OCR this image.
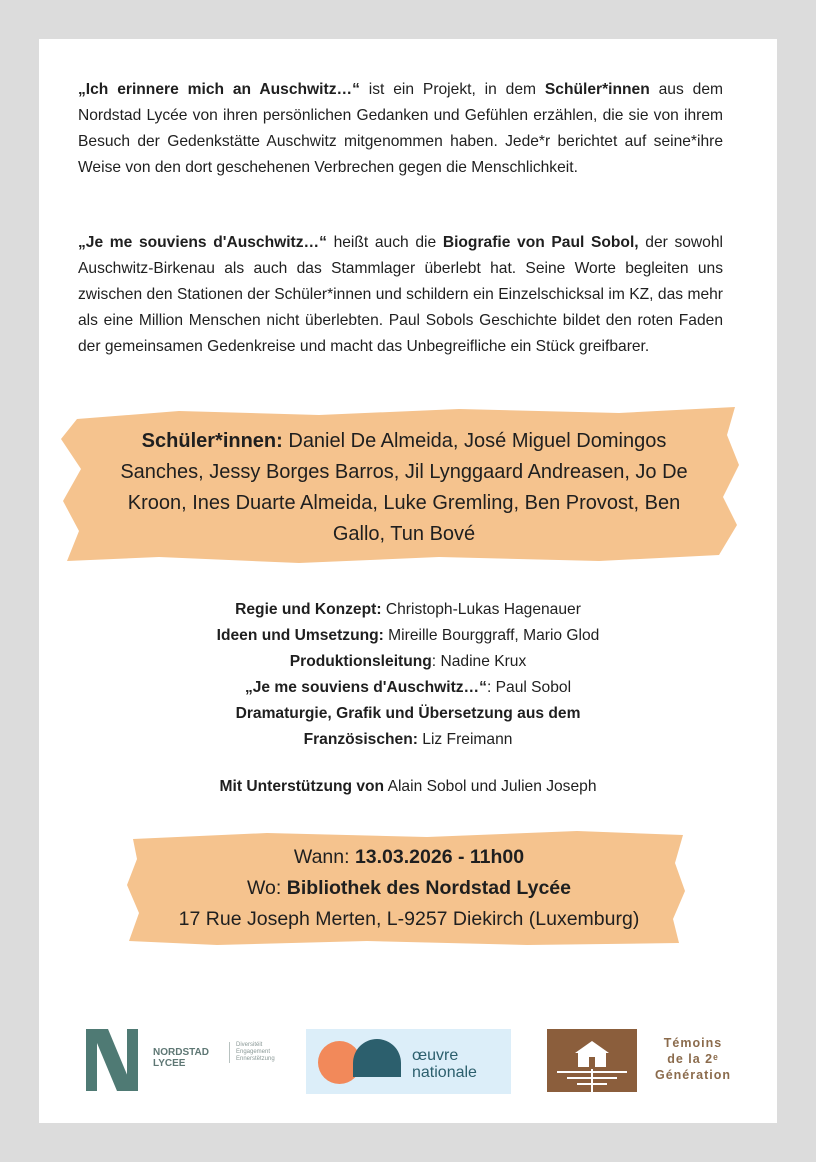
„Ich erinnere mich an Auschwitz…“ ist ein Projekt, in dem Schüler*innen aus dem Nordstad Lycée von ihren persönlichen Gedanken und Gefühlen erzählen, die sie von ihrem Besuch der Gedenkstätte Auschwitz mitgenommen haben. Jede*r berichtet auf seine*ihre Weise von den dort geschehenen Verbrechen gegen die Menschlichkeit.

„Je me souviens d'Auschwitz…“ heißt auch die Biografie von Paul Sobol, der sowohl Auschwitz-Birkenau als auch das Stammlager überlebt hat. Seine Worte begleiten uns zwischen den Stationen der Schüler*innen und schildern ein Einzelschicksal im KZ, das mehr als eine Million Menschen nicht überlebten. Paul Sobols Geschichte bildet den roten Faden der gemeinsamen Gedenkreise und macht das Unbegreifliche ein Stück greifbarer.

Schüler*innen: Daniel De Almeida, José Miguel Domingos Sanches, Jessy Borges Barros, Jil Lynggaard Andreasen, Jo De Kroon, Ines Duarte Almeida, Luke Gremling, Ben Provost, Ben Gallo, Tun Bové
Regie und Konzept: Christoph-Lukas Hagenauer
Ideen und Umsetzung: Mireille Bourggraff, Mario Glod
Produktionsleitung: Nadine Krux
„Je me souviens d'Auschwitz…“: Paul Sobol
Dramaturgie, Grafik und Übersetzung aus dem
Französischen: Liz Freimann
Mit Unterstützung von Alain Sobol und Julien Joseph
Wann: 13.03.2026 - 11h00
Wo: Bibliothek des Nordstad Lycée
17 Rue Joseph Merten, L-9257 Diekirch (Luxemburg)
NORDSTAD
LYCEE
Diversitéit
Engagement
Ennerstëtzung	œuvre
nationale
Témoins
de la 2ᵉ
Génération
